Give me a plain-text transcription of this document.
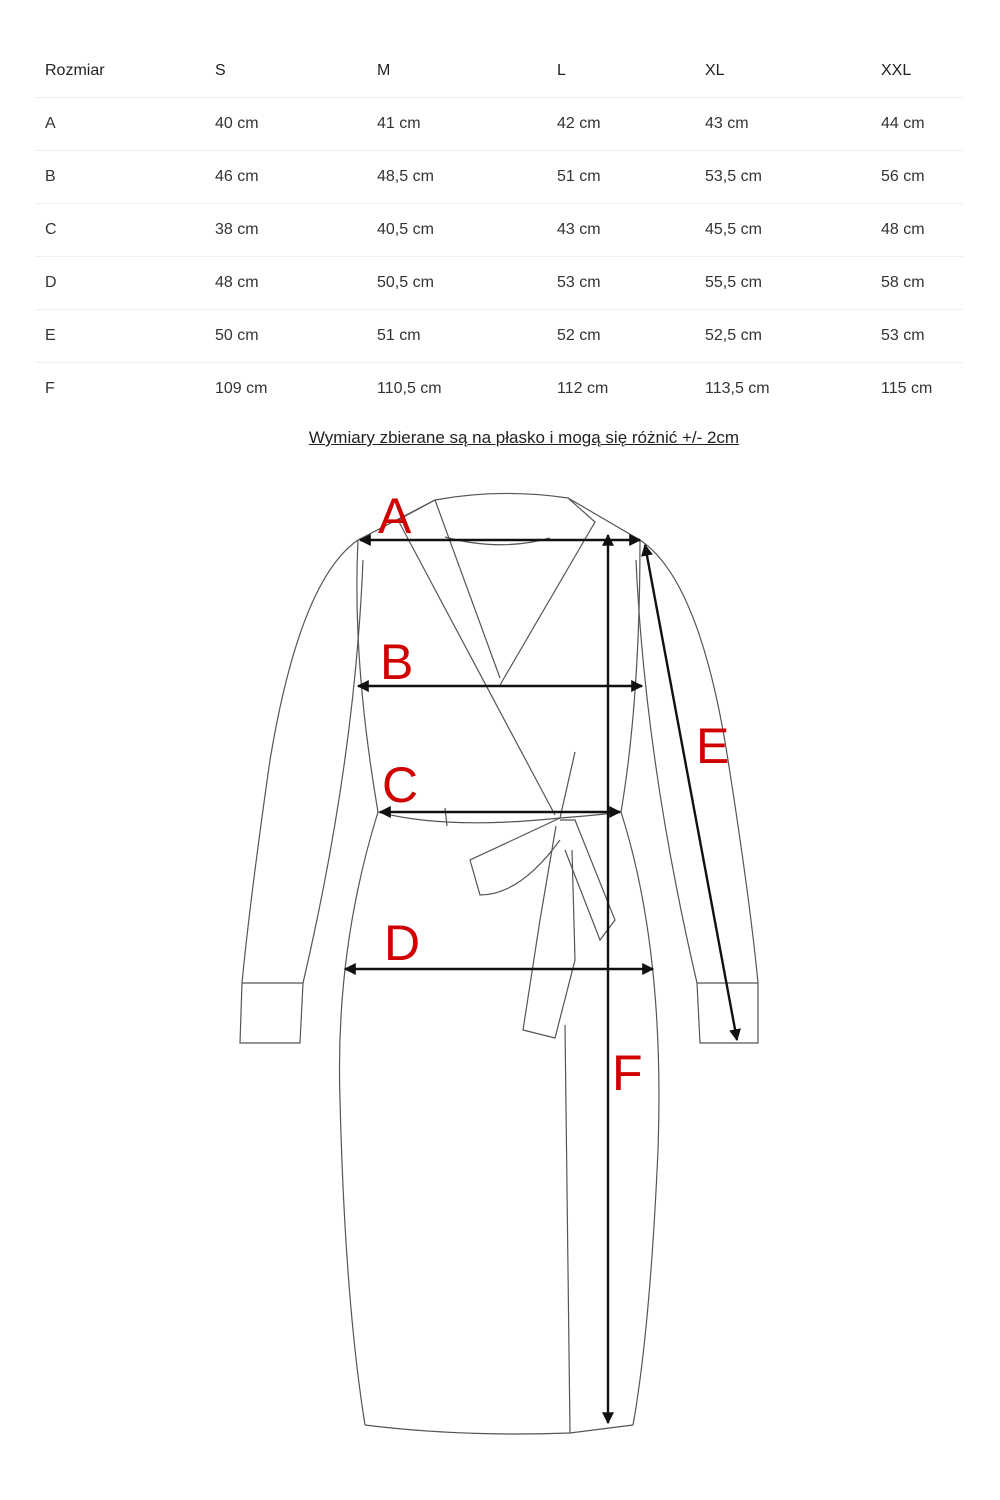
Rozmiar	S	M	L	XL	XXL
A	40 cm	41 cm	42 cm	43 cm	44 cm
B	46 cm	48,5 cm	51 cm	53,5 cm	56 cm
C	38 cm	40,5 cm	43 cm	45,5 cm	48 cm
D	48 cm	50,5 cm	53 cm	55,5 cm	58 cm
E	50 cm	51 cm	52 cm	52,5 cm	53 cm
F	109 cm	110,5 cm	112 cm	113,5 cm	115 cm
Wymiary zbierane są na płasko i mogą się różnić +/- 2cm
A
B
C
D
E
F
